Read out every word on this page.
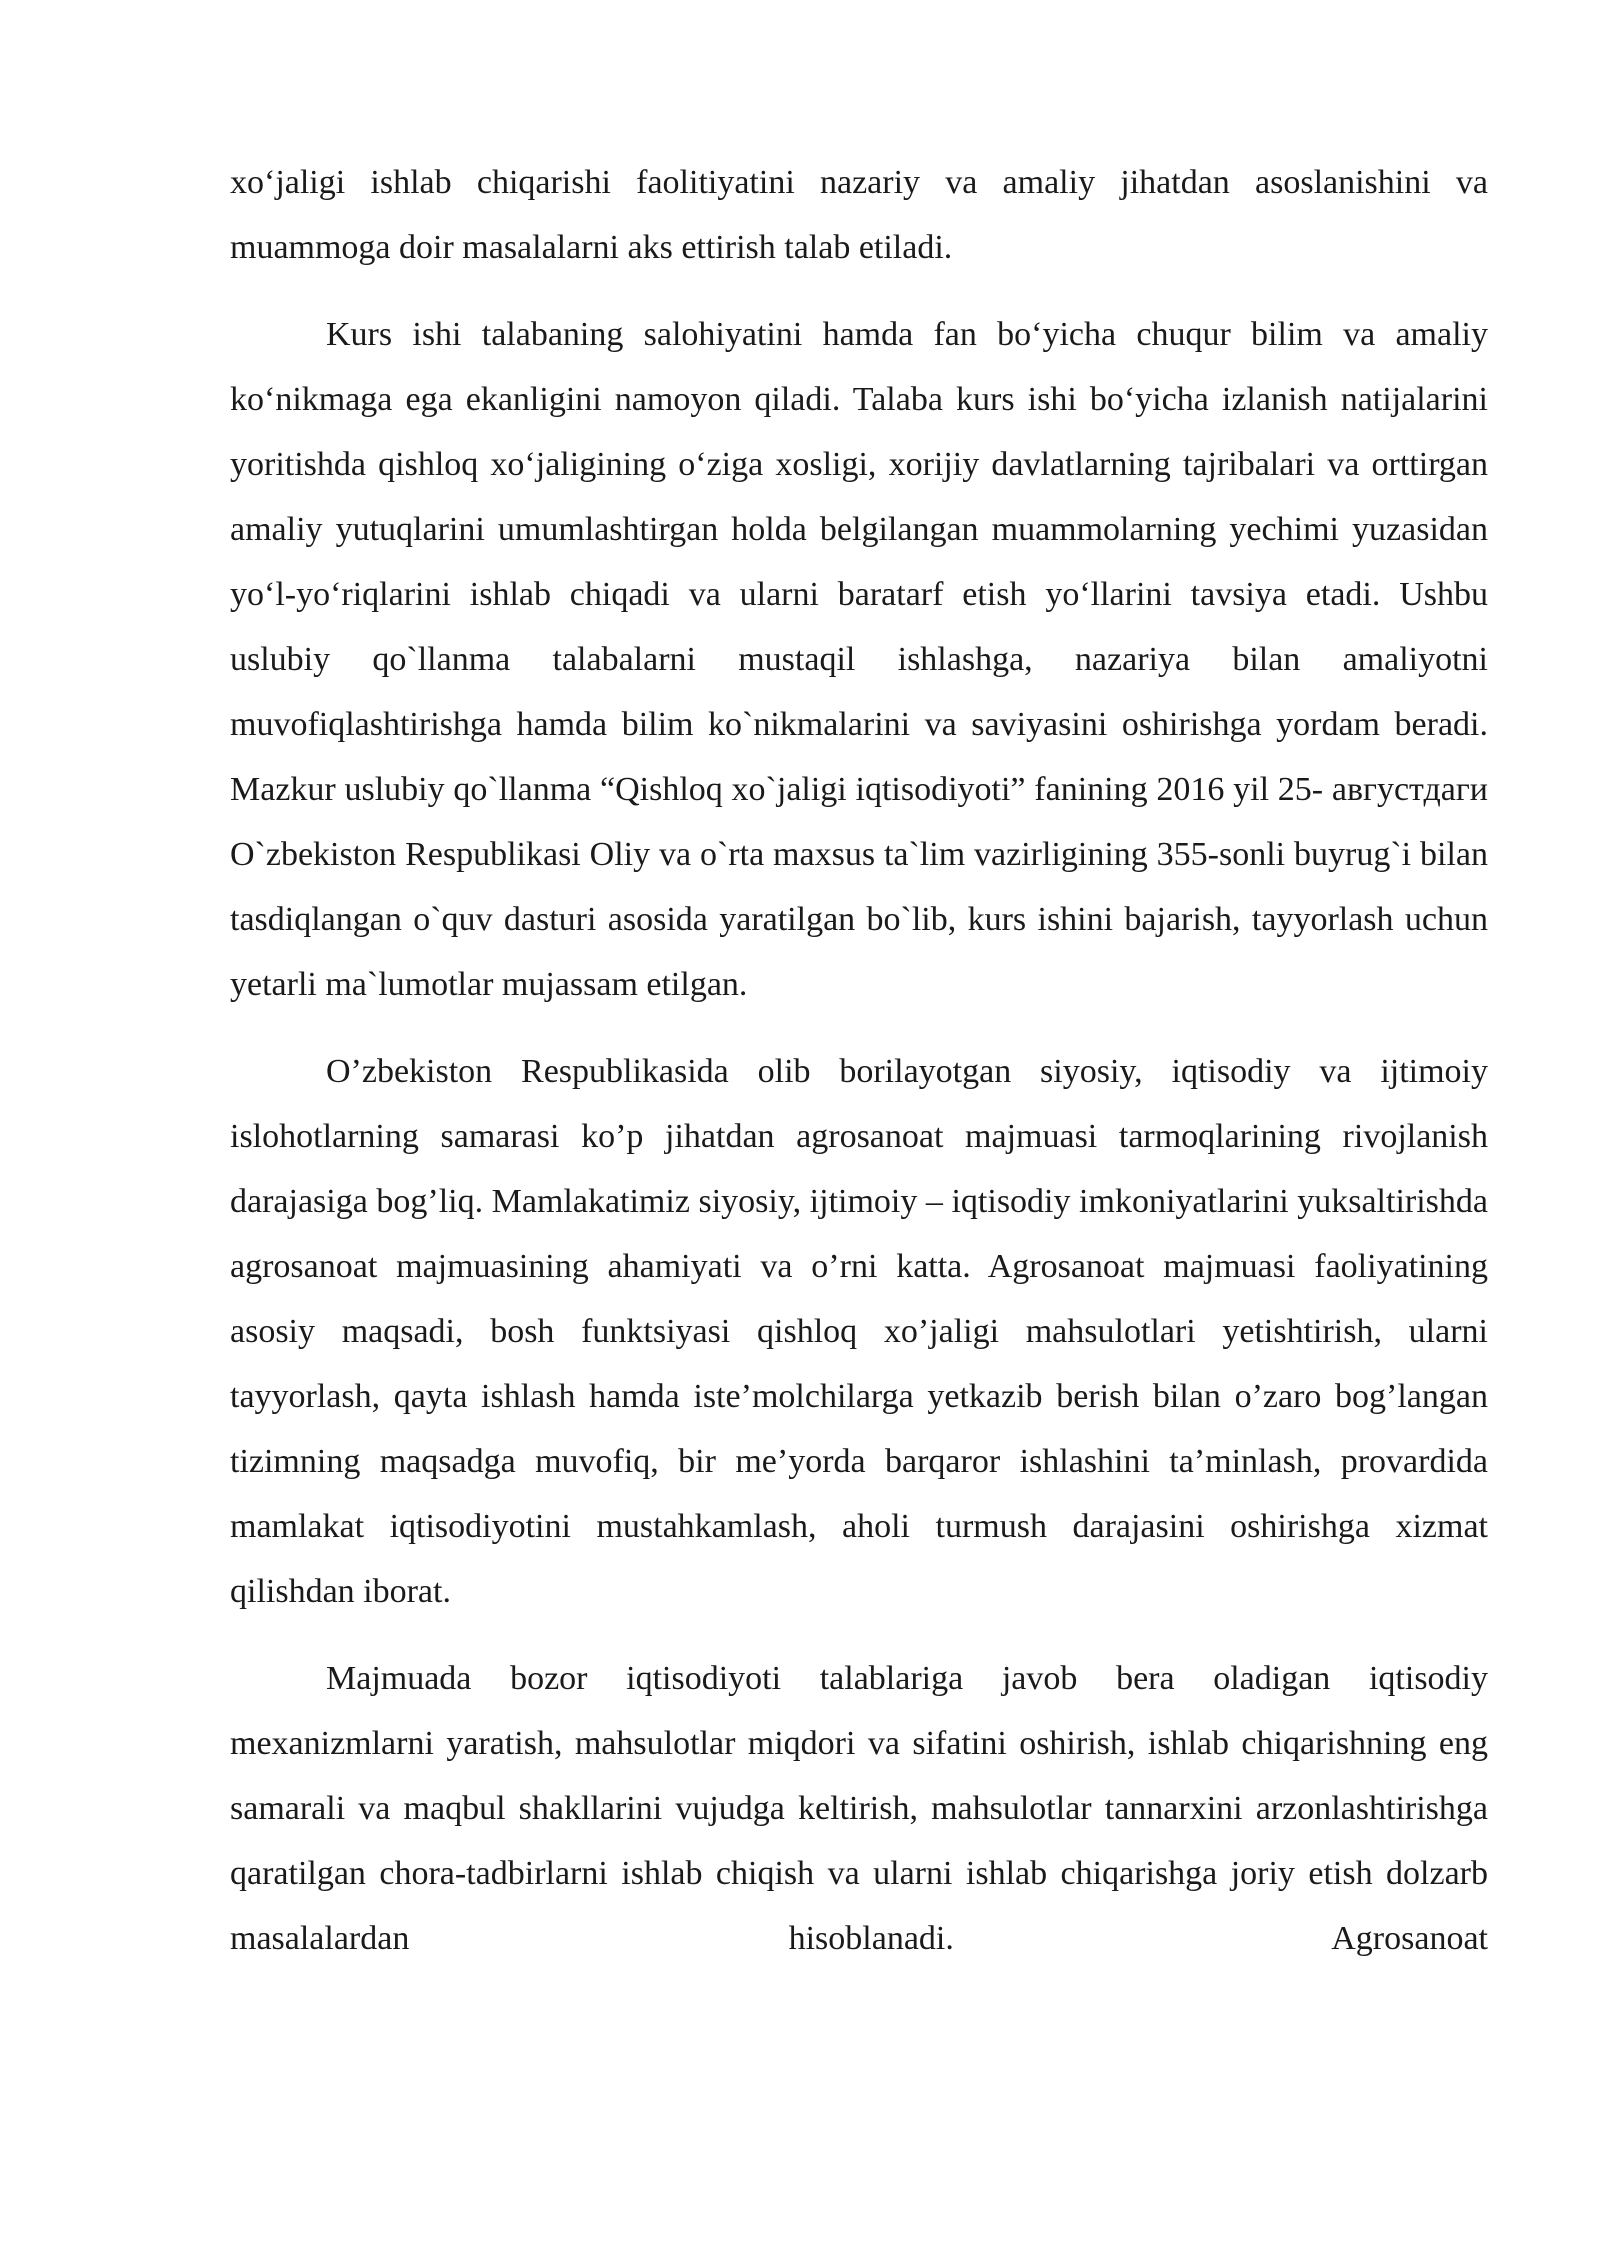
xo‘jaligi ishlab chiqarishi faolitiyatini nazariy va amaliy jihatdan asoslanishini va muammoga doir masalalarni aks ettirish talab etiladi.

Kurs ishi talabaning salohiyatini hamda fan bo‘yicha chuqur bilim va amaliy ko‘nikmaga ega ekanligini namoyon qiladi. Talaba kurs ishi bo‘yicha izlanish natijalarini yoritishda qishloq xo‘jaligining o‘ziga xosligi, xorijiy davlatlarning tajribalari va orttirgan amaliy yutuqlarini umumlashtirgan holda belgilangan muammolarning yechimi yuzasidan yo‘l-yo‘riqlarini ishlab chiqadi va ularni baratarf etish yo‘llarini tavsiya etadi. Ushbu uslubiy qo`llanma talabalarni mustaqil ishlashga, nazariya bilan amaliyotni muvofiqlashtirishga hamda bilim ko`nikmalarini va saviyasini oshirishga yordam beradi. Mazkur uslubiy qo`llanma “Qishloq xo`jaligi iqtisodiyoti” fanining 2016 yil 25- августдаги O`zbekiston Respublikasi Oliy va o`rta maxsus ta`lim vazirligining 355-sonli buyrug`i bilan tasdiqlangan o`quv dasturi asosida yaratilgan bo`lib, kurs ishini bajarish, tayyorlash uchun yetarli ma`lumotlar mujassam etilgan.

O’zbekiston Respublikasida olib borilayotgan siyosiy, iqtisodiy va ijtimoiy islohotlarning samarasi ko’p jihatdan agrosanoat majmuasi tarmoqlarining rivojlanish darajasiga bog’liq. Mamlakatimiz siyosiy, ijtimoiy – iqtisodiy imkoniyatlarini yuksaltirishda agrosanoat majmuasining ahamiyati va o’rni katta. Agrosanoat majmuasi faoliyatining asosiy maqsadi, bosh funktsiyasi qishloq xo’jaligi mahsulotlari yetishtirish, ularni tayyorlash, qayta ishlash hamda iste’molchilarga yetkazib berish bilan o’zaro bog’langan tizimning maqsadga muvofiq, bir me’yorda barqaror ishlashini ta’minlash, provardida mamlakat iqtisodiyotini mustahkamlash, aholi turmush darajasini oshirishga xizmat qilishdan iborat.

Majmuada bozor iqtisodiyoti talablariga javob bera oladigan iqtisodiy mexanizmlarni yaratish, mahsulotlar miqdori va sifatini oshirish, ishlab chiqarishning eng samarali va maqbul shakllarini vujudga keltirish, mahsulotlar tannarxini arzonlashtirishga qaratilgan chora-tadbirlarni ishlab chiqish va ularni ishlab chiqarishga joriy etish dolzarb masalalardan hisoblanadi. Agrosanoat
